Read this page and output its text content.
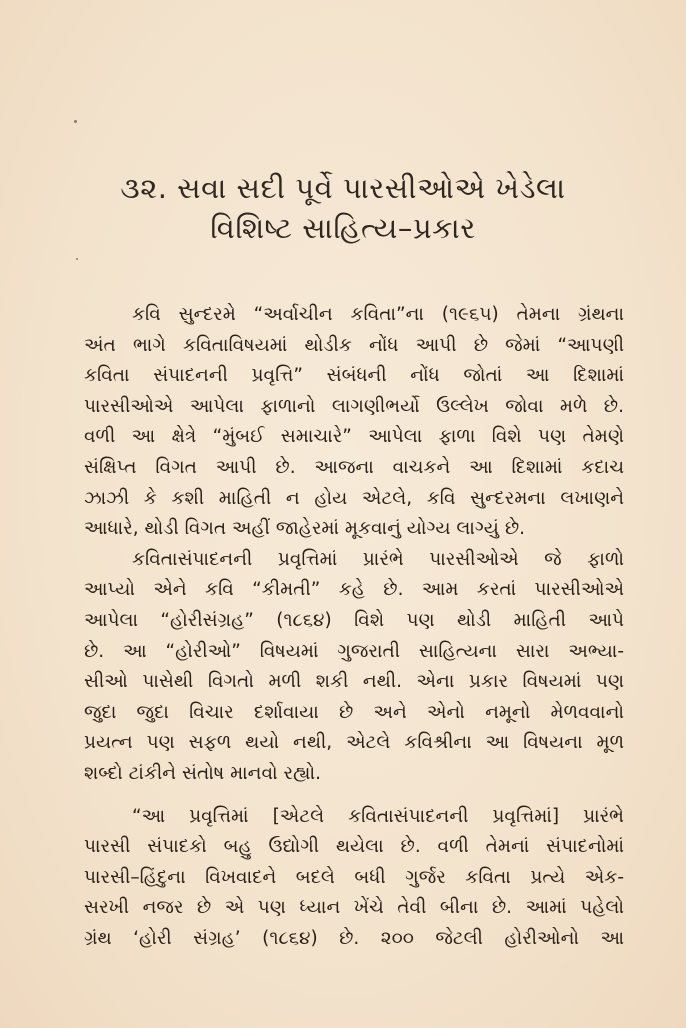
૩૨. સવા સદી પૂર્વે પારસીઓએ ખેડેલા
વિશિષ્ટ સાહિત્ય–પ્રકાર
કવિ સુન્દરમે “અર્વાચીન કવિતા”ના (૧૯૬૫) તેમના ગ્રંથના
અંત ભાગે કવિતાવિષયમાં થોડીક નોંધ આપી છે જેમાં “આપણી
કવિતા સંપાદનની પ્રવૃત્તિ” સંબંધની નોંધ જોતાં આ દિશામાં
પારસીઓએ આપેલા ફાળાનો લાગણીભર્યો ઉલ્લેખ જોવા મળે છે.
વળી આ ક્ષેત્રે “મુંબઈ સમાચારે” આપેલા ફાળા વિશે પણ તેમણે
સંક્ષિપ્ત વિગત આપી છે. આજના વાચકને આ દિશામાં કદાચ
ઝાઝી કે કશી માહિતી ન હોય એટલે, કવિ સુન્દરમના લખાણને
આધારે, થોડી વિગત અહીં જાહેરમાં મૂકવાનું યોગ્ય લાગ્યું છે.
કવિતાસંપાદનની પ્રવૃત્તિમાં પ્રારંભે પારસીઓએ જે ફાળો
આપ્યો એને કવિ “કીમતી” કહે છે. આમ કરતાં પારસીઓએ
આપેલા “હોરીસંગ્રહ” (૧૮૬૪) વિશે પણ થોડી માહિતી આપે
છે. આ “હોરીઓ” વિષયમાં ગુજરાતી સાહિત્યના સારા અભ્યા-
સીઓ પાસેથી વિગતો મળી શકી નથી. એના પ્રકાર વિષયમાં પણ
જુદા જુદા વિચાર દર્શાવાયા છે અને એનો નમૂનો મેળવવાનો
પ્રયત્ન પણ સફળ થયો નથી, એટલે કવિશ્રીના આ વિષયના મૂળ
શબ્દો ટાંકીને સંતોષ માનવો રહ્યો.
“આ પ્રવૃત્તિમાં [એટલે કવિતાસંપાદનની પ્રવૃત્તિમાં] પ્રારંભે
પારસી સંપાદકો બહુ ઉદ્યોગી થયેલા છે. વળી તેમનાં સંપાદનોમાં
પારસી–હિંદુના વિખવાદને બદલે બધી ગુર્જર કવિતા પ્રત્યે એક-
સરખી નજર છે એ પણ ધ્યાન ખેંચે તેવી બીના છે. આમાં પહેલો
ગ્રંથ ‘હોરી સંગ્રહ’ (૧૮૬૪) છે. ૨૦૦ જેટલી હોરીઓનો આ
